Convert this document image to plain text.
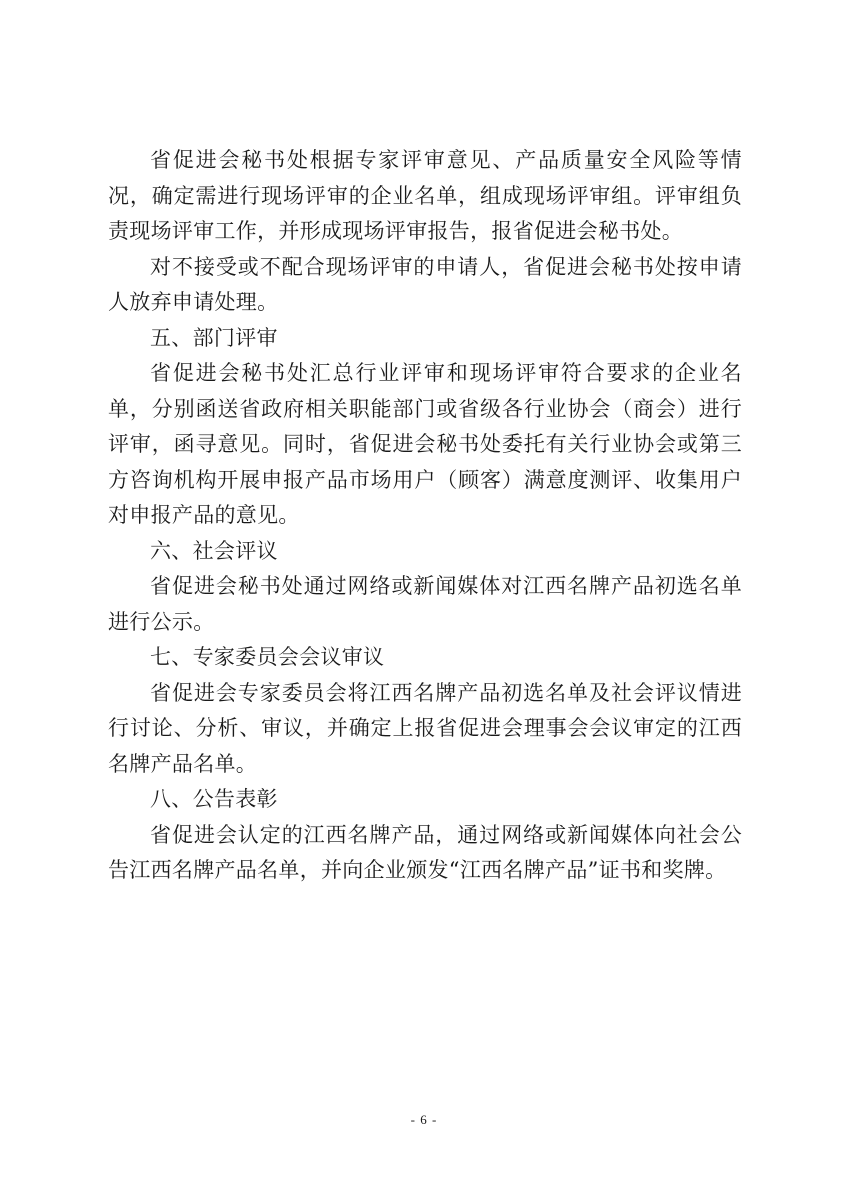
省促进会秘书处根据专家评审意见、产品质量安全风险等情况，确定需进行现场评审的企业名单，组成现场评审组。评审组负责现场评审工作，并形成现场评审报告，报省促进会秘书处。

对不接受或不配合现场评审的申请人，省促进会秘书处按申请人放弃申请处理。

五、部门评审

省促进会秘书处汇总行业评审和现场评审符合要求的企业名单，分别函送省政府相关职能部门或省级各行业协会（商会）进行评审，函寻意见。同时，省促进会秘书处委托有关行业协会或第三方咨询机构开展申报产品市场用户（顾客）满意度测评、收集用户对申报产品的意见。

六、社会评议

省促进会秘书处通过网络或新闻媒体对江西名牌产品初选名单进行公示。

七、专家委员会会议审议

省促进会专家委员会将江西名牌产品初选名单及社会评议情进行讨论、分析、审议，并确定上报省促进会理事会会议审定的江西名牌产品名单。

八、公告表彰

省促进会认定的江西名牌产品，通过网络或新闻媒体向社会公告江西名牌产品名单，并向企业颁发“江西名牌产品”证书和奖牌。

- 6 -
